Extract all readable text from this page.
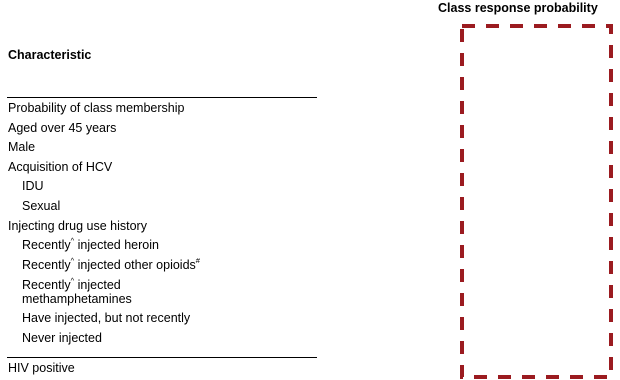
Class response probability
Characteristic
Probability of class membership
Aged over 45 years
Male
Acquisition of HCV
IDU
Sexual
Injecting drug use history
Recently^ injected heroin
Recently^ injected other opioids#
Recently^ injected methamphetamines
Have injected, but not recently
Never injected
HIV positive
